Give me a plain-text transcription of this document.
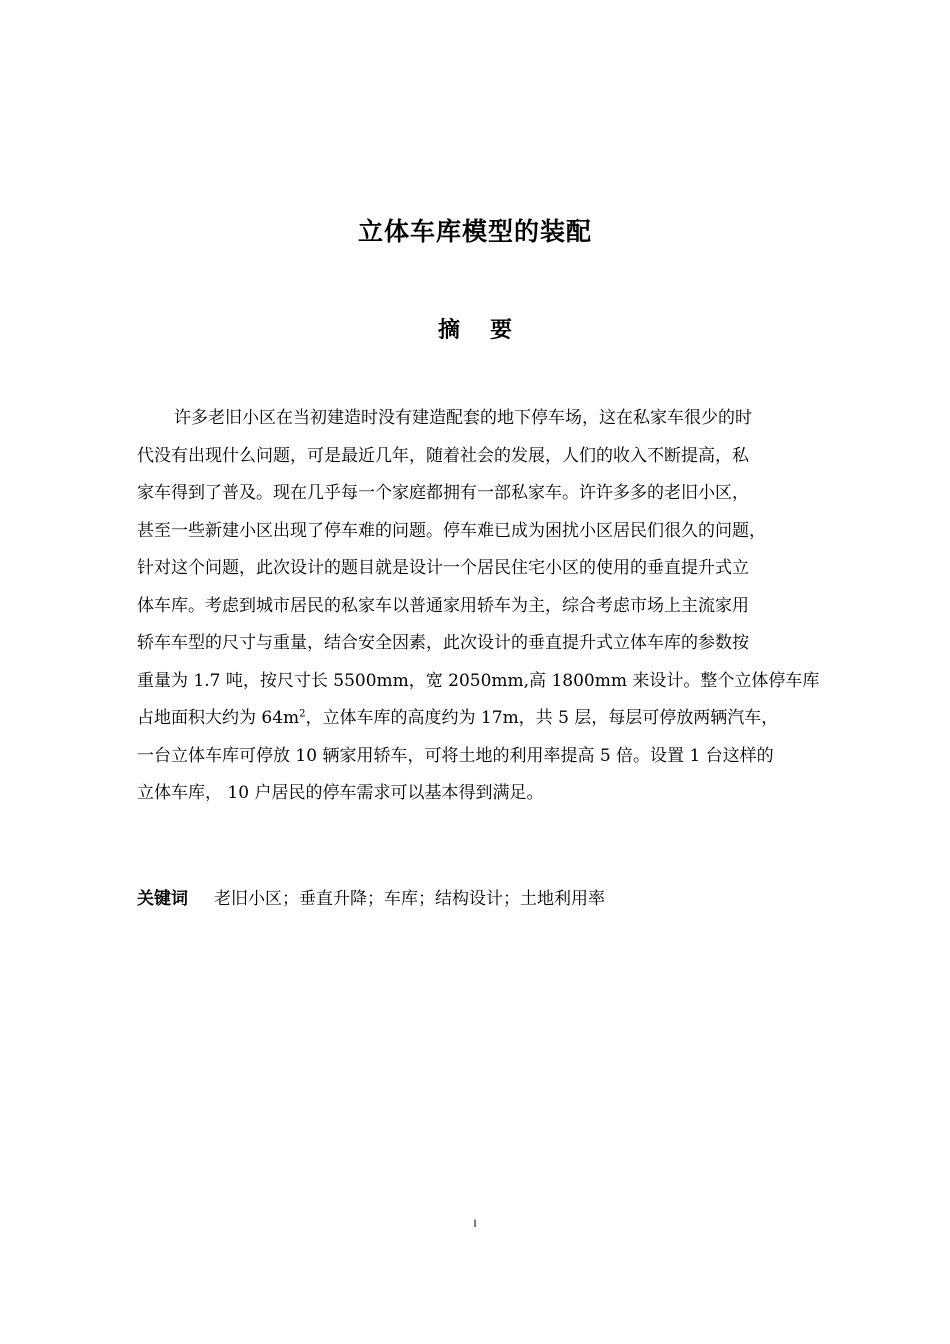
立体车库模型的装配
摘 要
许多老旧小区在当初建造时没有建造配套的地下停车场，这在私家车很少的时
代没有出现什么问题，可是最近几年，随着社会的发展，人们的收入不断提高，私
家车得到了普及。现在几乎每一个家庭都拥有一部私家车。许许多多的老旧小区，
甚至一些新建小区出现了停车难的问题。停车难已成为困扰小区居民们很久的问题，
针对这个问题，此次设计的题目就是设计一个居民住宅小区的使用的垂直提升式立
体车库。考虑到城市居民的私家车以普通家用轿车为主，综合考虑市场上主流家用
轿车车型的尺寸与重量，结合安全因素，此次设计的垂直提升式立体车库的参数按
重量为 1.7 吨，按尺寸长 5500mm，宽 2050mm,高 1800mm 来设计。整个立体停车库
占地面积大约为 $64m^2$，立体车库的高度约为 17m，共 5 层，每层可停放两辆汽车，
一台立体车库可停放 10 辆家用轿车，可将土地的利用率提高 5 倍。设置 1 台这样的
立体车库， 10 户居民的停车需求可以基本得到满足。
关键词 老旧小区；垂直升降；车库；结构设计；土地利用率
I
